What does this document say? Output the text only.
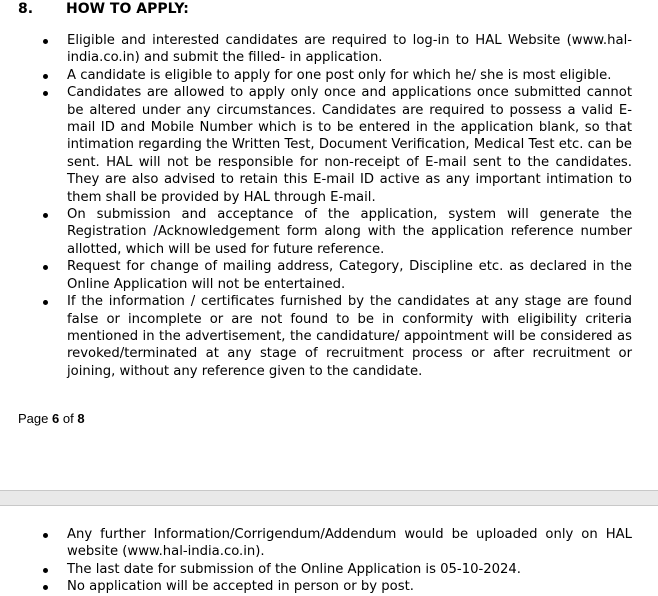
8. HOW TO APPLY:
Eligible and interested candidates are required to log-in to HAL Website (www.hal-india.co.in) and submit the filled- in application.
A candidate is eligible to apply for one post only for which he/ she is most eligible.
Candidates are allowed to apply only once and applications once submitted cannot be altered under any circumstances. Candidates are required to possess a valid E-mail ID and Mobile Number which is to be entered in the application blank, so that intimation regarding the Written Test, Document Verification, Medical Test etc. can be sent. HAL will not be responsible for non-receipt of E-mail sent to the candidates. They are also advised to retain this E-mail ID active as any important intimation to them shall be provided by HAL through E-mail.
On submission and acceptance of the application, system will generate the Registration /Acknowledgement form along with the application reference number allotted, which will be used for future reference.
Request for change of mailing address, Category, Discipline etc. as declared in the Online Application will not be entertained.
If the information / certificates furnished by the candidates at any stage are found false or incomplete or are not found to be in conformity with eligibility criteria mentioned in the advertisement, the candidature/ appointment will be considered as revoked/terminated at any stage of recruitment process or after recruitment or joining, without any reference given to the candidate.
Page 6 of 8
Any further Information/Corrigendum/Addendum would be uploaded only on HAL website (www.hal-india.co.in).
The last date for submission of the Online Application is 05-10-2024.
No application will be accepted in person or by post.
